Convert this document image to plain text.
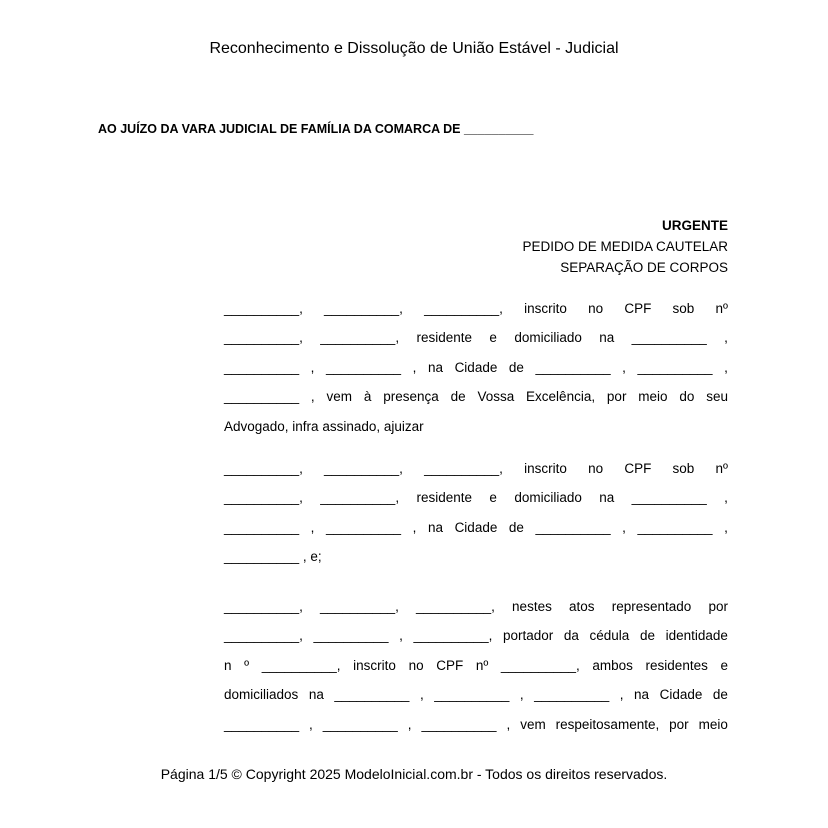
Reconhecimento e Dissolução de União Estável - Judicial
AO JUÍZO DA VARA JUDICIAL DE FAMÍLIA DA COMARCA DE __________
URGENTE
PEDIDO DE MEDIDA CAUTELAR
SEPARAÇÃO DE CORPOS
__________, __________, __________, inscrito no CPF sob nº
__________, __________, residente e domiciliado na __________ ,
__________ , __________ , na Cidade de __________ , __________ ,
__________ , vem à presença de Vossa Excelência, por meio do seu
Advogado, infra assinado, ajuizar
__________, __________, __________, inscrito no CPF sob nº
__________, __________, residente e domiciliado na __________ ,
__________ , __________ , na Cidade de __________ , __________ ,
__________ , e;
__________, __________, __________, nestes atos representado por
__________, __________ , __________, portador da cédula de identidade
n º __________, inscrito no CPF nº __________, ambos residentes e
domiciliados na __________ , __________ , __________ , na Cidade de
__________ , __________ , __________ , vem respeitosamente, por meio
Página 1/5 © Copyright 2025 ModeloInicial.com.br - Todos os direitos reservados.
